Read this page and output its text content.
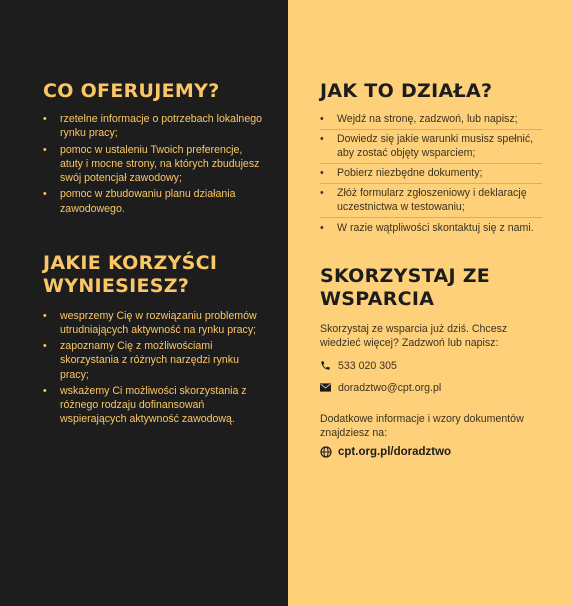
CO OFERUJEMY?
• rzetelne informacje o potrzebach lokalnego rynku pracy;
• pomoc w ustaleniu Twoich preferencje, atuty i mocne strony, na których zbudujesz swój potencjał zawodowy;
• pomoc w zbudowaniu planu działania zawodowego.
JAKIE KORZYŚCI WYNIESIESZ?
• wesprzemy Cię w rozwiązaniu problemów utrudniających aktywność na rynku pracy;
• zapoznamy Cię z możliwościami skorzystania z różnych narzędzi rynku pracy;
• wskażemy Ci możliwości skorzystania z różnego rodzaju dofinansowań wspierających aktywność zawodową.
JAK TO DZIAŁA?
• Wejdź na stronę, zadzwoń, lub napisz;
• Dowiedz się jakie warunki musisz spełnić, aby zostać objęty wsparciem;
• Pobierz niezbędne dokumenty;
• Złóż formularz zgłoszeniowy i deklarację uczestnictwa w testowaniu;
• W razie wątpliwości skontaktuj się z nami.
SKORZYSTAJ ZE WSPARCIA

Skorzystaj ze wsparcia już dziś. Chcesz wiedzieć więcej? Zadzwoń lub napisz:

533 020 305
doradztwo@cpt.org.pl

Dodatkowe informacje i wzory dokumentów znajdziesz na:

cpt.org.pl/doradztwo
